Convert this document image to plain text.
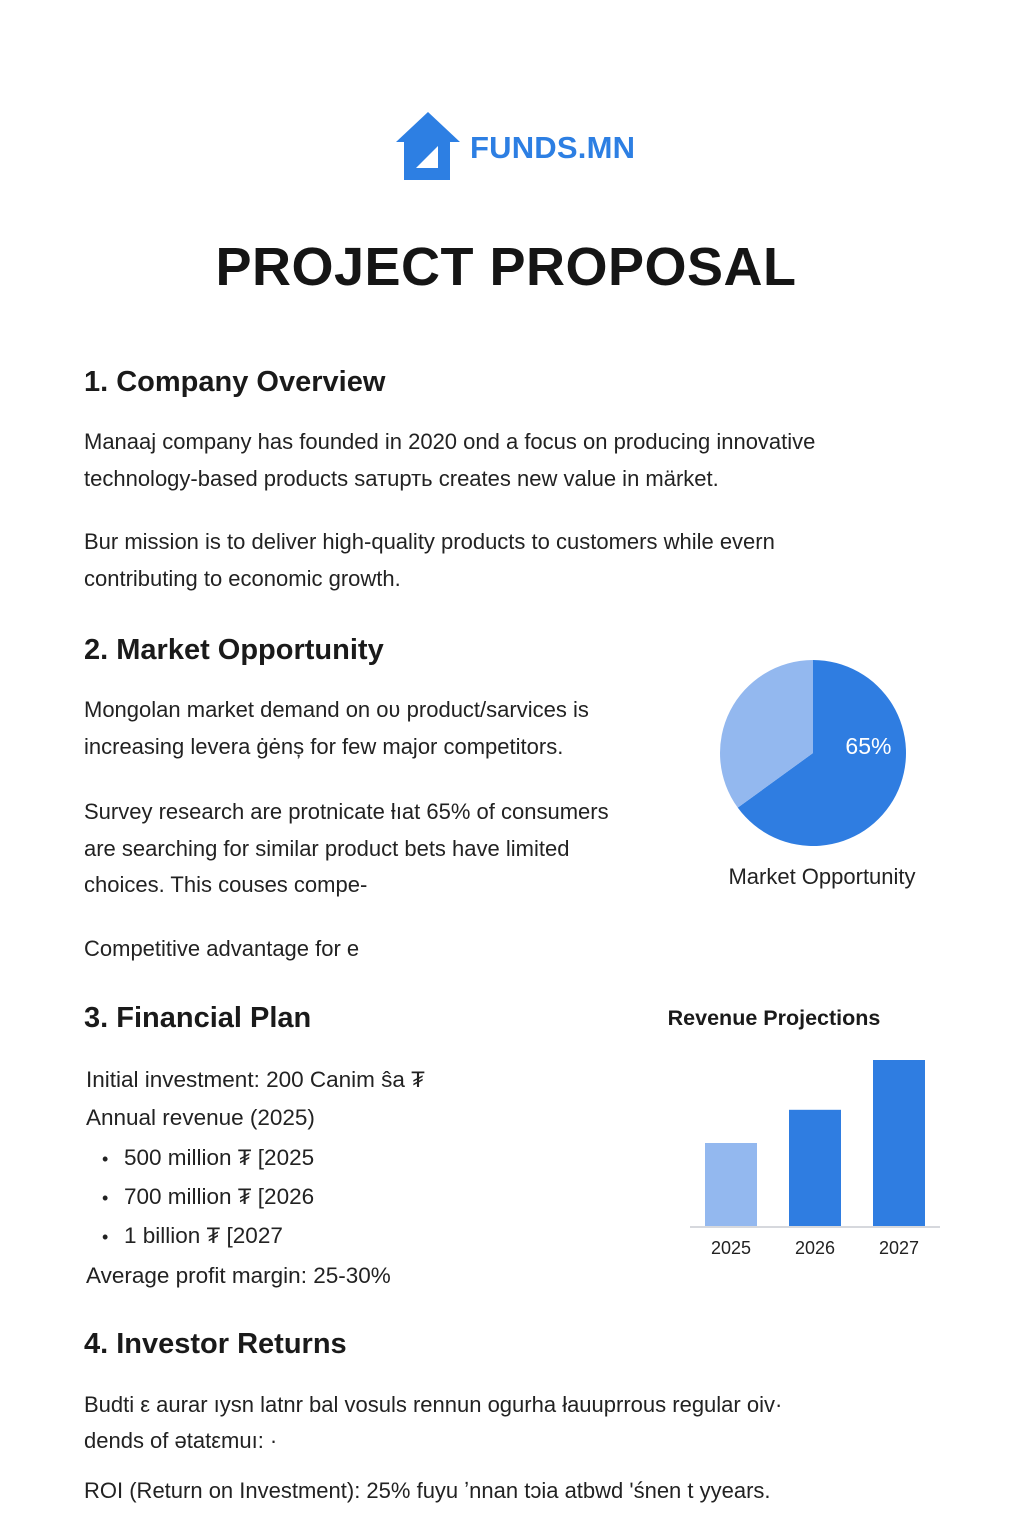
FUNDS.MN
PROJECT PROPOSAL
1. Company Overview
Manaaj company has founded in 2020 ond a focus on producing innovative technology-based products sатuрть creates new value in märket.
Bur mission is to deliver high-quality products to customers while evern contributing to economic growth.
2. Market Opportunity
Mongolan market demand on oʋ product/sarvices is increasing levera ġėnș for few major competitors.
Survey research are protnicate ƚıat 65% of consumers are searching for similar product bets have limited choices. This couses compe-
Competitive advantage for e
65%
Market Opportunity
3. Financial Plan
Initial investment: 200 Canim ŝa ₮
Annual revenue (2025)
• 500 million ₮ [2025
• 700 million ₮ [2026
• 1 billion ₮ [2027
Average profit margin: 25-30%
Revenue Projections
2025 2026 2027
4. Investor Returns
Budti ε aurar ıysn latnr bal vosuls rennun ogurha łauuprrous regular oiv· dends of ətatεmuı: ·
ROI (Return on Investment): 25% fuyu ʼnnan tɔia atbwd ʹśnen t yyears.
